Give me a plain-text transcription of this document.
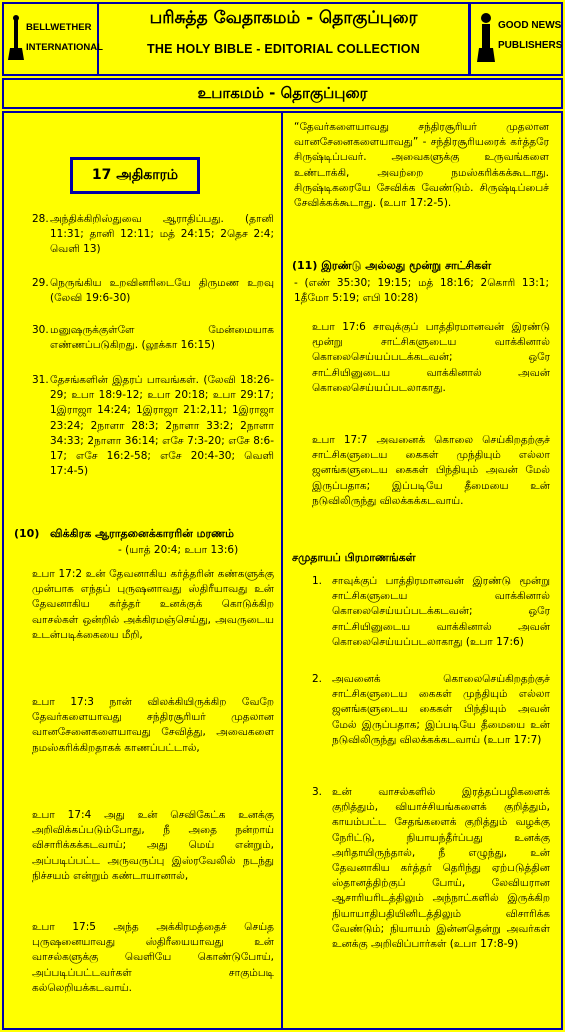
BELLWETHER INTERNATIONAL
GOOD NEWS PUBLISHERS
பரிசுத்த வேதாகமம் - தொகுப்புரை
THE HOLY BIBLE - EDITORIAL COLLECTION
உபாகமம் - தொகுப்புரை
17 அதிகாரம்
28. அந்திக்கிறிஸ்துவை ஆராதிப்பது. (தானி 11:31; தானி 12:11; மத் 24:15; 2தெச 2:4; வெளி 13)
29. நெருங்கிய உறவினரிடையே திருமண உறவு (லேவி 19:6-30)
30. மனுஷருக்குள்ளே மேன்மையாக எண்ணப்படுகிறது. (லூக்கா 16:15)
31. தேசங்களின் இதரப் பாவங்கள். (லேவி 18:26-29; உபா 18:9-12; உபா 20:18; உபா 29:17; 1இராஜா 14:24; 1இராஜா 21:2,11; 1இராஜா 23:24; 2நாளா 28:3; 2நாளா 33:2; 2நாளா 34:33; 2நாளா 36:14; எசே 7:3-20; எசே 8:6-17; எசே 16:2-58; எசே 20:4-30; வெளி 17:4-5)
(10) விக்கிரக ஆராதனைக்காரரின் மரணம்
- (யாத் 20:4; உபா 13:6)
உபா 17:2 உன் தேவனாகிய கர்த்தரின் கண்களுக்கு முன்பாக எந்தப் புருஷனாவது ஸ்திரீயாவது உன் தேவனாகிய கர்த்தர் உனக்குக் கொடுக்கிற வாசல்கள் ஒன்றில் அக்கிரமஞ்செய்து, அவருடைய உடன்படிக்கையை மீறி,
உபா 17:3 நான் விலக்கியிருக்கிற வேறே தேவர்களையாவது சந்திரசூரியர் முதலான வானசேனைகளையாவது சேவித்து, அவைகளை நமஸ்கரிக்கிறதாகக் காணப்பட்டால்,
உபா 17:4 அது உன் செவிகேட்க உனக்கு அறிவிக்கப்படும்போது, நீ அதை நன்றாய் விசாரிக்கக்கடவாய்; அது மெய் என்றும், அப்படிப்பட்ட அருவருப்பு இஸ்ரவேலில் நடந்து நிச்சயம் என்றும் கண்டாயானால்,
உபா 17:5 அந்த அக்கிரமத்தைச் செய்த புருஷனையாவது ஸ்திரீயையாவது உன் வாசல்களுக்கு வெளியே கொண்டுபோய், அப்படிப்பட்டவர்கள் சாகும்படி கல்லெறியக்கடவாய்.
“தேவர்களையாவது சந்திரசூரியர் முதலான வானசேனைகளையாவது” - சந்திரசூரியரைக் கர்த்தரே சிருஷ்டிப்பவர். அவைகளுக்கு உருவங்களை உண்டாக்கி, அவற்றை நமஸ்கரிக்கக்கூடாது. சிருஷ்டிகரையே சேவிக்க வேண்டும். சிருஷ்டிப்பைச் சேவிக்கக்கூடாது. (உபா 17:2-5).
(11) இரண்டு அல்லது மூன்று சாட்சிகள்
- (எண் 35:30; 19:15; மத் 18:16; 2கொரி 13:1; 1தீமோ 5:19; எபி 10:28)
உபா 17:6 சாவுக்குப் பாத்திரமானவன் இரண்டு மூன்று சாட்சிகளுடைய வாக்கினால் கொலைசெய்யப்படக்கடவன்; ஒரே சாட்சியினுடைய வாக்கினால் அவன் கொலைசெய்யப்படலாகாது.
உபா 17:7 அவனைக் கொலை செய்கிறதற்குச் சாட்சிகளுடைய கைகள் முந்தியும் எல்லா ஜனங்களுடைய கைகள் பிந்தியும் அவன் மேல் இருப்பதாக; இப்படியே தீமையை உன் நடுவிலிருந்து விலக்கக்கடவாய்.
சமுதாயப் பிரமாணங்கள்
1. சாவுக்குப் பாத்திரமானவன் இரண்டு மூன்று சாட்சிகளுடைய வாக்கினால் கொலைசெய்யப்படக்கடவன்; ஒரே சாட்சியினுடைய வாக்கினால் அவன் கொலைசெய்யப்படலாகாது (உபா 17:6)
2. அவனைக் கொலைசெய்கிறதற்குச் சாட்சிகளுடைய கைகள் முந்தியும் எல்லா ஜனங்களுடைய கைகள் பிந்தியும் அவன் மேல் இருப்பதாக; இப்படியே தீமையை உன் நடுவிலிருந்து விலக்கக்கடவாய் (உபா 17:7)
3. உன் வாசல்களில் இரத்தப்பழிகளைக் குறித்தும், வியாச்சியங்களைக் குறித்தும், காயம்பட்ட சேதங்களைக் குறித்தும் வழக்கு நேரிட்டு, நியாயந்தீர்ப்பது உனக்கு அரிதாயிருந்தால், நீ எழுந்து, உன் தேவனாகிய கர்த்தர் தெரிந்து ஏற்படுத்தின ஸ்தானத்திற்குப் போய், லேவியரான ஆசாரியரிடத்திலும் அந்நாட்களில் இருக்கிற நியாயாதிபதியினிடத்திலும் விசாரிக்க வேண்டும்; நியாயம் இன்னதென்று அவர்கள் உனக்கு அறிவிப்பார்கள் (உபா 17:8-9)
